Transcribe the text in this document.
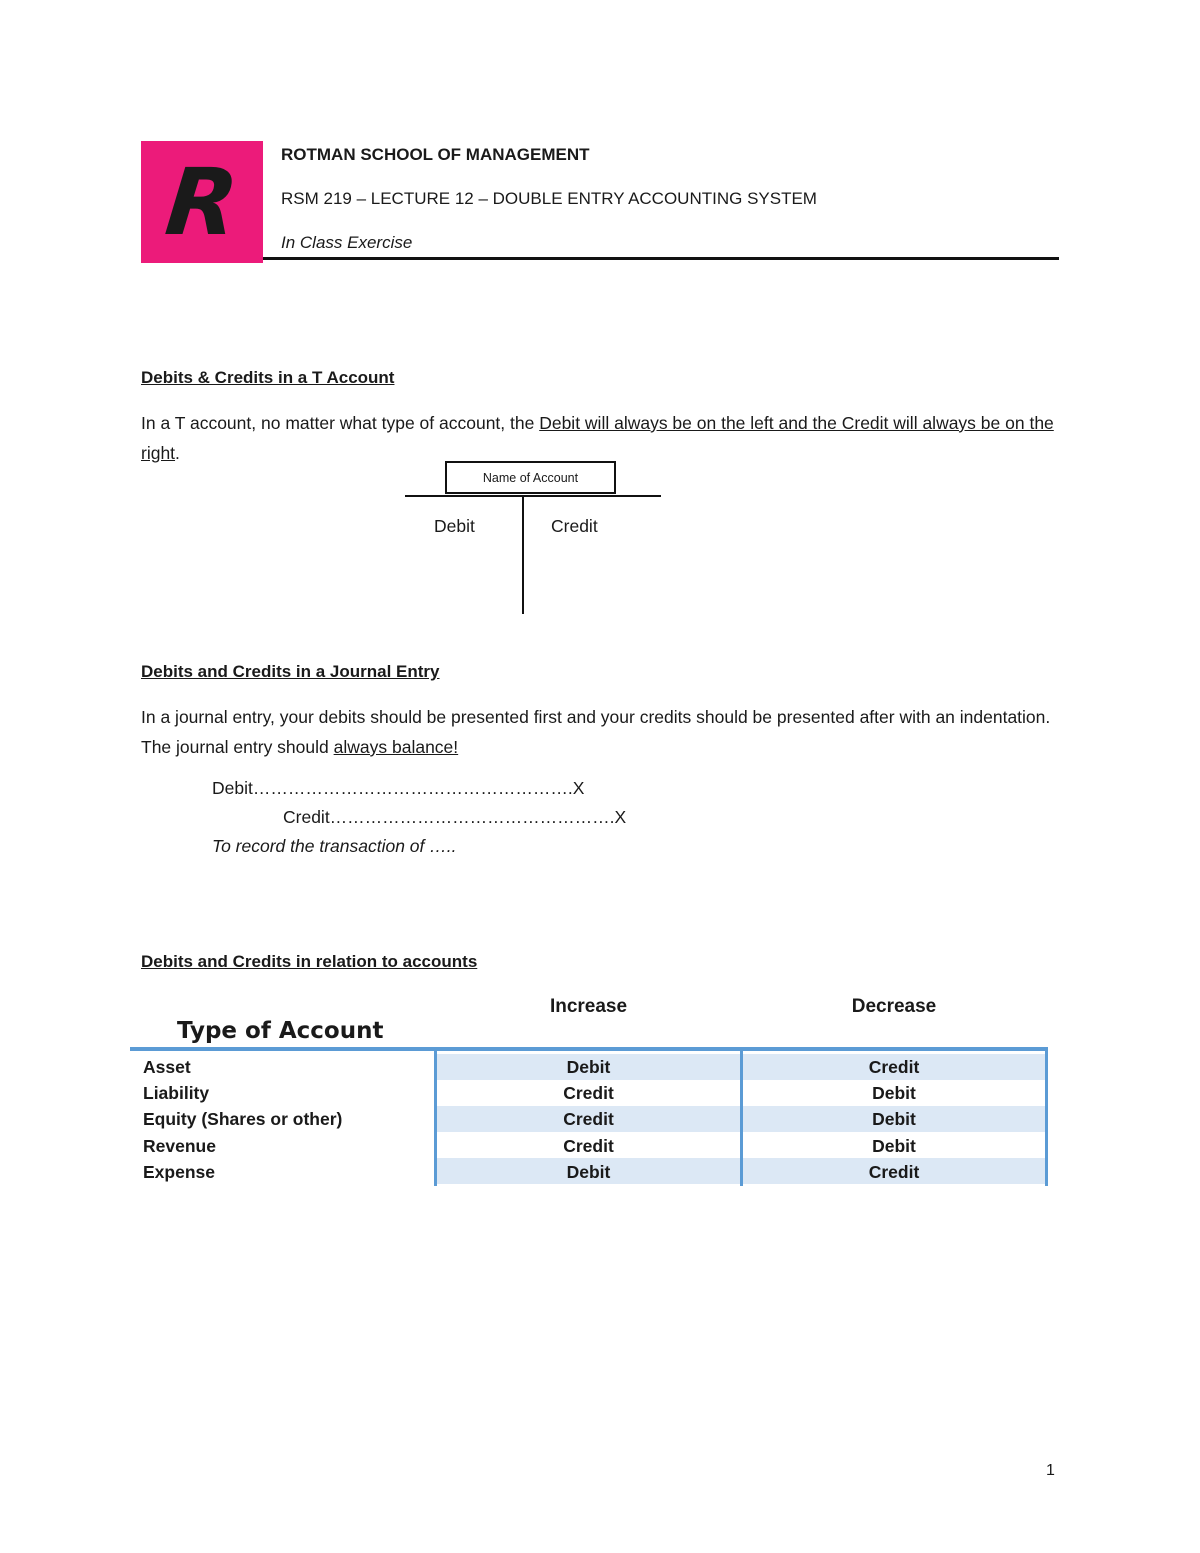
R	ROTMAN SCHOOL OF MANAGEMENT
RSM 219 – LECTURE 12 – DOUBLE ENTRY ACCOUNTING SYSTEM
In Class Exercise
Debits & Credits in a T Account
In a T account, no matter what type of account, the Debit will always be on the left and the Credit will always be on the right.
Name of Account
Debit	Credit
Debits and Credits in a Journal Entry
In a journal entry, your debits should be presented first and your credits should be presented after with an indentation. The journal entry should always balance!
Debit……………………………………………….X
Credit………………………………………….X
To record the transaction of …..
Debits and Credits in relation to accounts
Increase	Decrease
Type of Account
Asset	Debit	Credit
Liability	Credit	Debit
Equity (Shares or other)	Credit	Debit
Revenue	Credit	Debit
Expense	Debit	Credit
1
